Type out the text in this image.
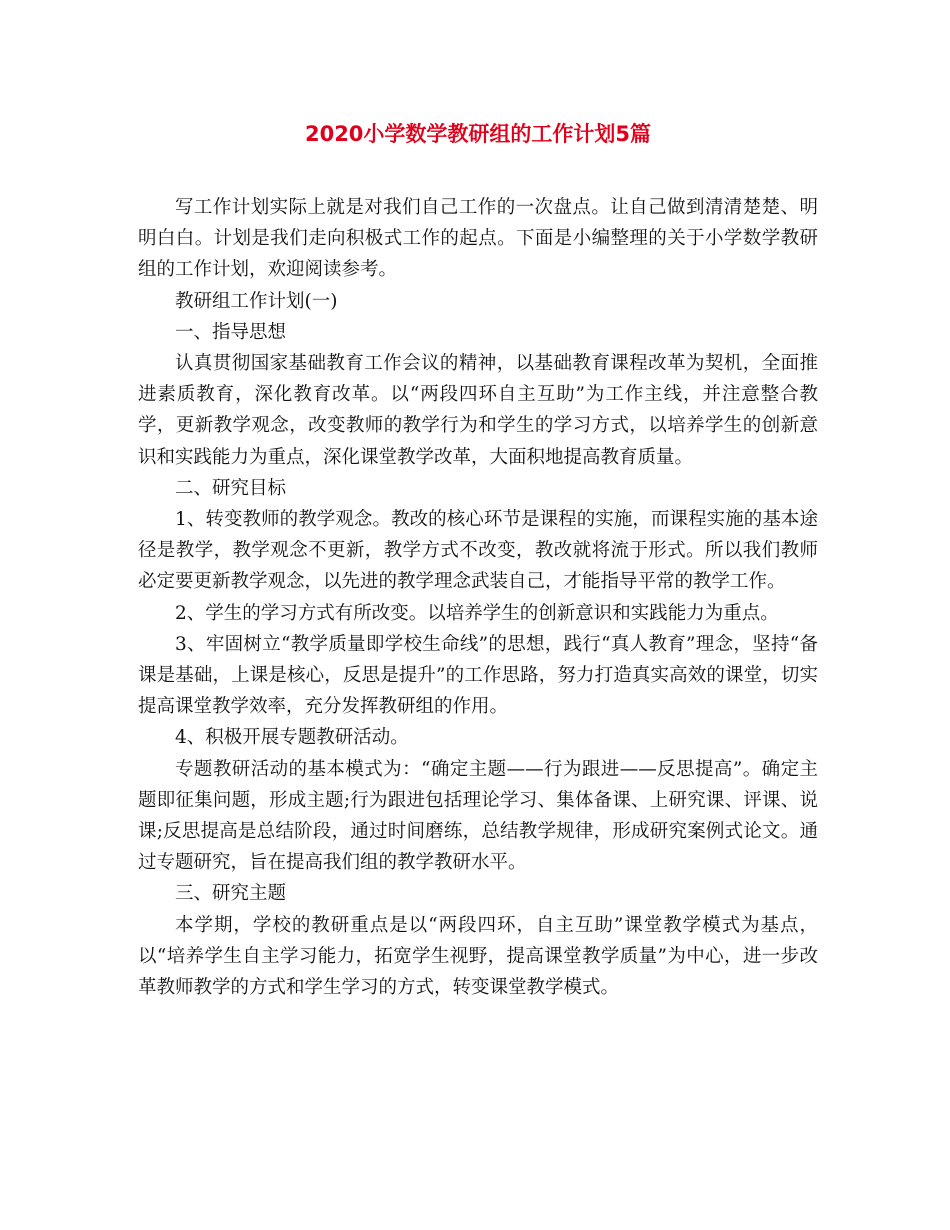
2020小学数学教研组的工作计划5篇

写工作计划实际上就是对我们自己工作的一次盘点。让自己做到清清楚楚、明明白白。计划是我们走向积极式工作的起点。下面是小编整理的关于小学数学教研组的工作计划，欢迎阅读参考。

教研组工作计划(一)

一、指导思想

认真贯彻国家基础教育工作会议的精神，以基础教育课程改革为契机，全面推进素质教育，深化教育改革。以“两段四环自主互助”为工作主线，并注意整合教学，更新教学观念，改变教师的教学行为和学生的学习方式，以培养学生的创新意识和实践能力为重点，深化课堂教学改革，大面积地提高教育质量。

二、研究目标

1、转变教师的教学观念。教改的核心环节是课程的实施，而课程实施的基本途径是教学，教学观念不更新，教学方式不改变，教改就将流于形式。所以我们教师必定要更新教学观念，以先进的教学理念武装自己，才能指导平常的教学工作。

2、学生的学习方式有所改变。以培养学生的创新意识和实践能力为重点。

3、牢固树立“教学质量即学校生命线”的思想，践行“真人教育”理念，坚持“备课是基础，上课是核心，反思是提升”的工作思路，努力打造真实高效的课堂，切实提高课堂教学效率，充分发挥教研组的作用。

4、积极开展专题教研活动。

专题教研活动的基本模式为：“确定主题——行为跟进——反思提高”。确定主题即征集问题，形成主题;行为跟进包括理论学习、集体备课、上研究课、评课、说课;反思提高是总结阶段，通过时间磨练，总结教学规律，形成研究案例式论文。通过专题研究，旨在提高我们组的教学教研水平。

三、研究主题

本学期，学校的教研重点是以“两段四环，自主互助”课堂教学模式为基点，以“培养学生自主学习能力，拓宽学生视野，提高课堂教学质量”为中心，进一步改革教师教学的方式和学生学习的方式，转变课堂教学模式。
